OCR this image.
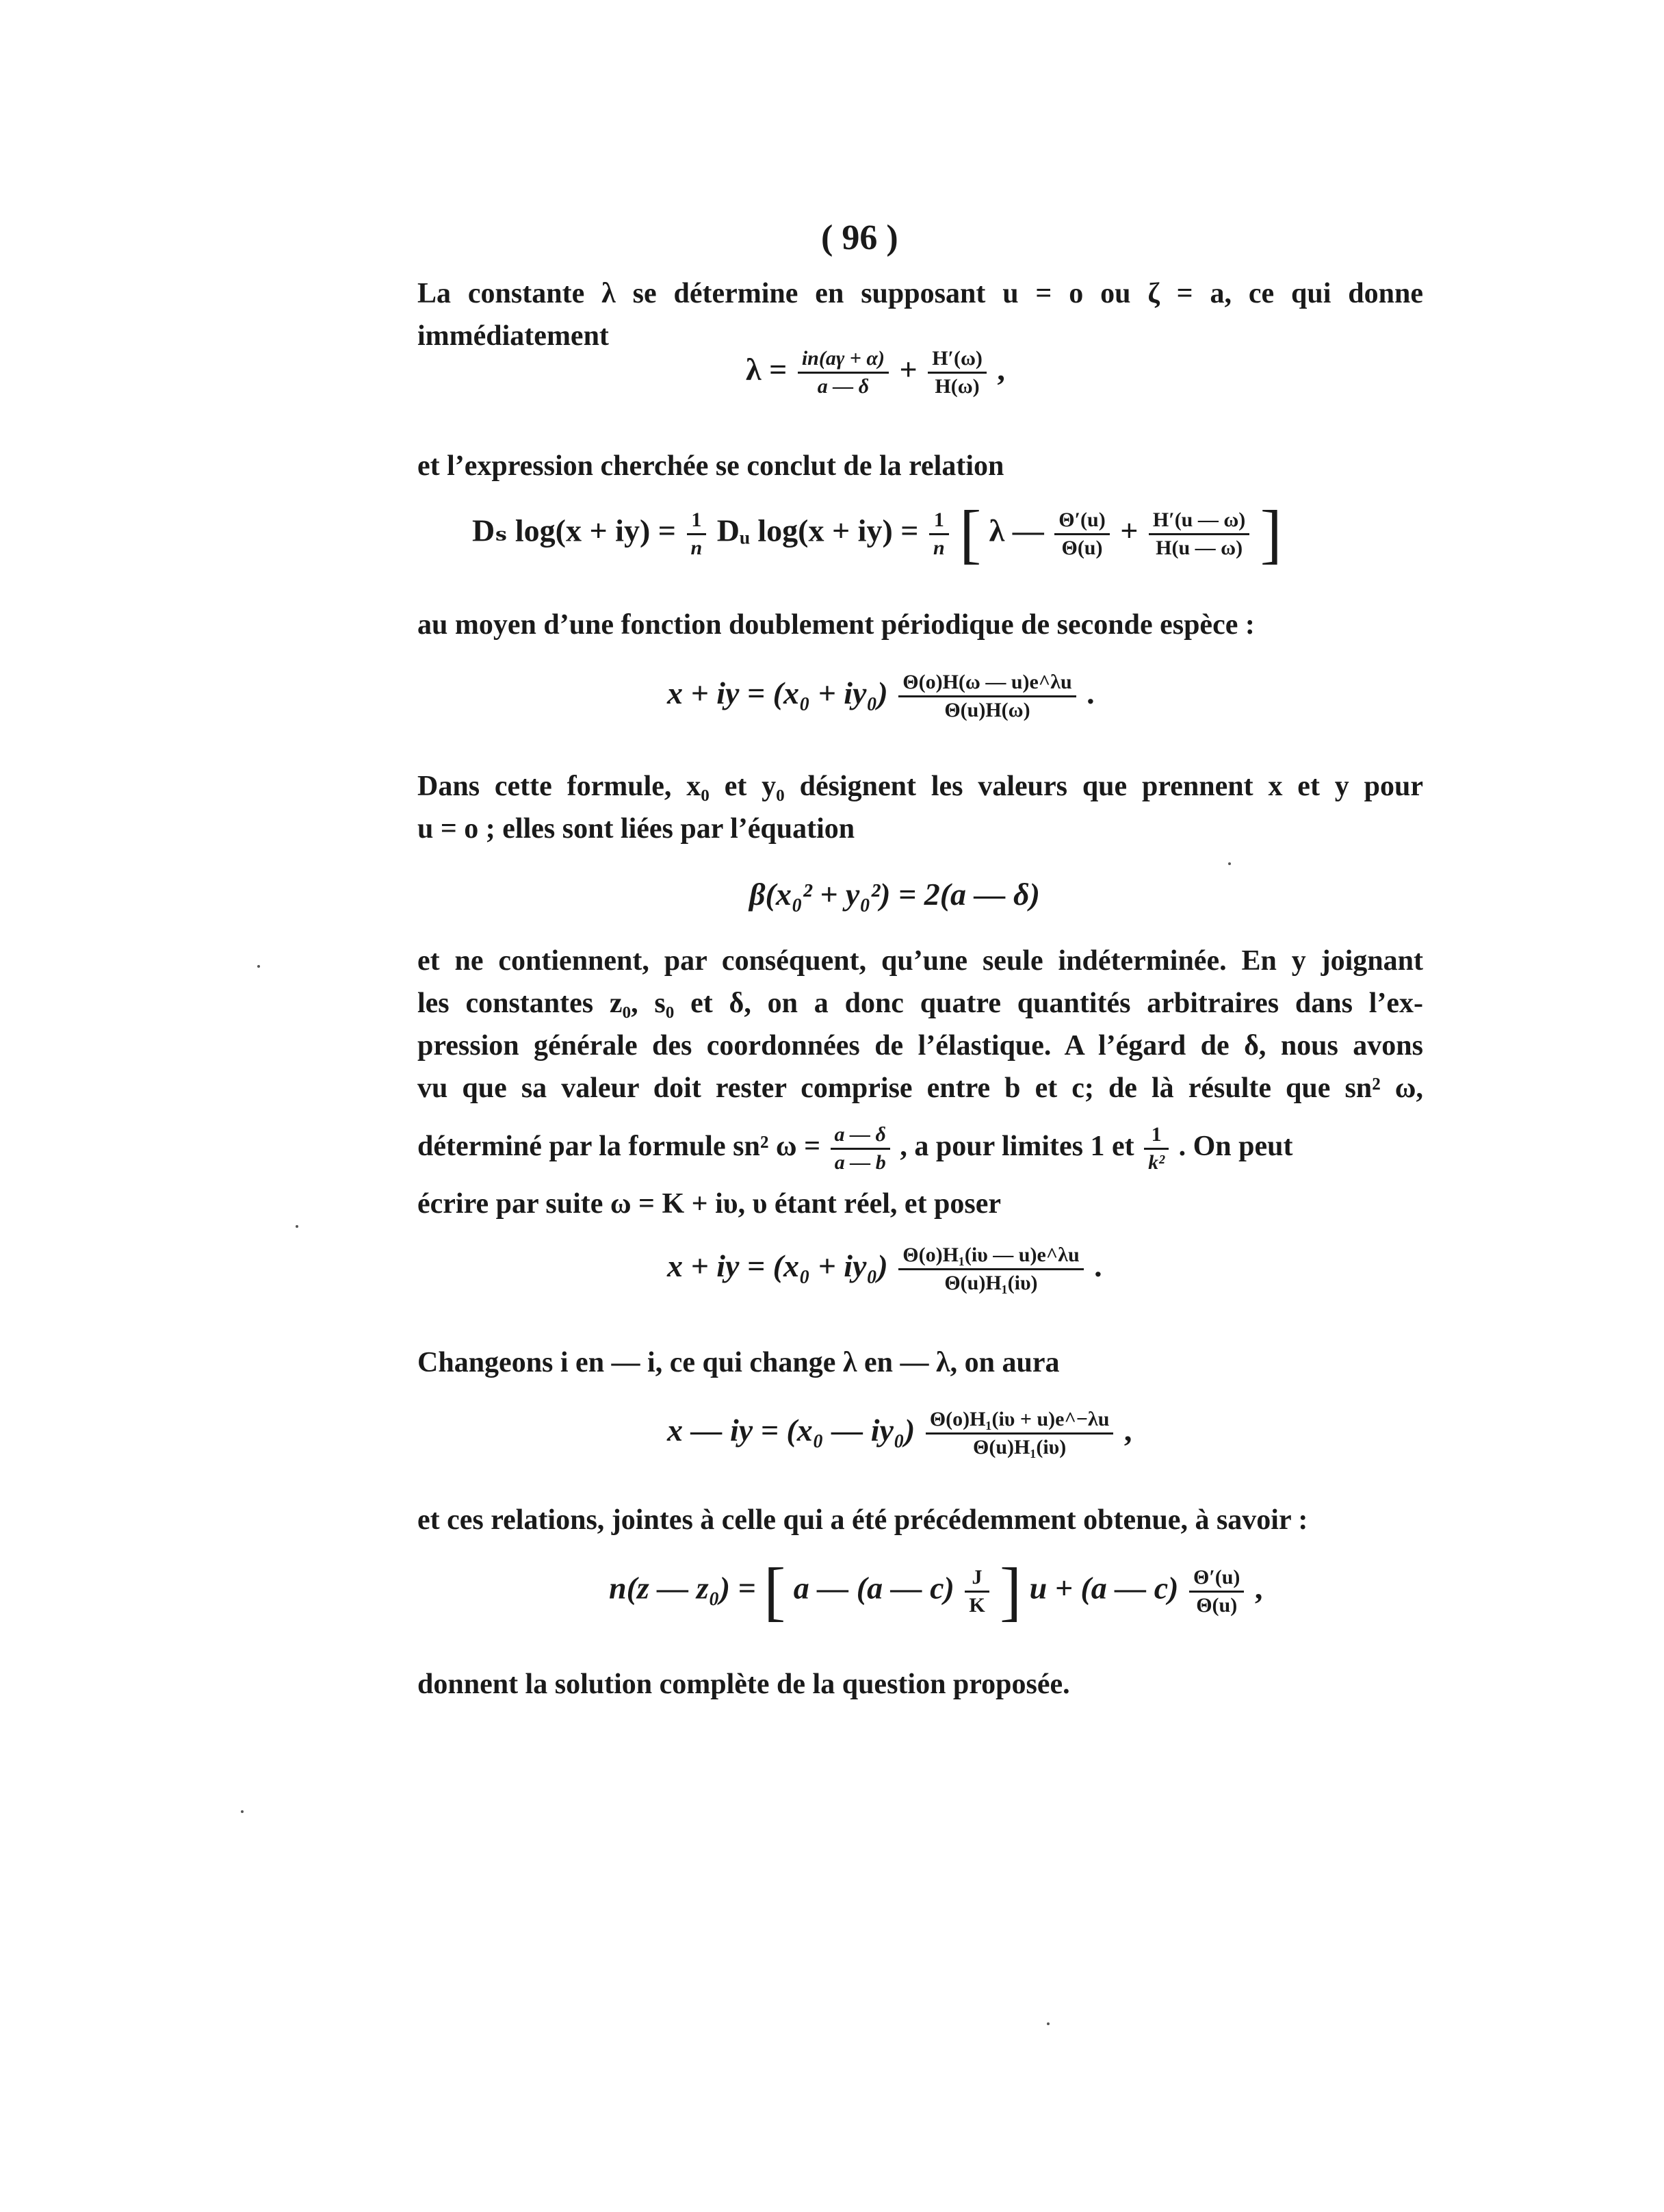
( 96 )
La constante λ se détermine en supposant u = o ou ζ = a, ce qui donne
immédiatement
$\lambda = \frac{in(a\gamma + \alpha)}{a — \delta} + \frac{H'(\omega)}{H(\omega)}$ ,
et l’expression cherchée se conclut de la relation
Dₛ $\log(x + iy) = \frac{1}{n}$ Dᵤ $\log(x + iy) = \frac{1}{n}$ [ λ — $\frac{\Theta'(u)}{\Theta(u)} + \frac{H'(u — \omega)}{H(u — \omega)}$ ]
au moyen d’une fonction doublement périodique de seconde espèce :
x + iy = $(x_0 + iy_0) \frac{\Theta(o)H(\omega — u)e\^{}\lambda u}{\Theta(u)H(\omega)}$ .
Dans cette formule, x₀ et y₀ désignent les valeurs que prennent x et y pour
u = o ; elles sont liées par l’équation
β(x₀² + y₀²) = 2(a — δ)
et ne contiennent, par conséquent, qu’une seule indéterminée. En y joignant
les constantes z₀, s₀ et δ, on a donc quatre quantités arbitraires dans l’ex-
pression générale des coordonnées de l’élastique. A l’égard de δ, nous avons
vu que sa valeur doit rester comprise entre b et c; de là résulte que sn² ω,
déterminé par la formule sn² $\omega = \frac{a — \delta}{a — b}$ , a pour limites 1 et $\frac{1}{\text{k²}}$ . On peut
écrire par suite ω = K + iυ, υ étant réel, et poser
x + iy = $(x_0 + iy_0) \frac{\text{Θ(o)H₁(iυ — u)e\textasciicircum{}λu}}{\text{Θ(u)H₁(iυ)}}$ .
Changeons i en — i, ce qui change λ en — λ, on aura
x — iy = (x₀ — $iy_0) \frac{\text{Θ(o)H₁(iυ + u)e\textasciicircum{}−λu}}{\text{Θ(u)H₁(iυ)}}$ ,
et ces relations, jointes à celle qui a été précédemment obtenue, à savoir :
n(z — z₀) = [ a — (a — $c) \frac{J}{K}$ ] u + (a — $c) \frac{\Theta'(u)}{\Theta(u)}$ ,
donnent la solution complète de la question proposée.
